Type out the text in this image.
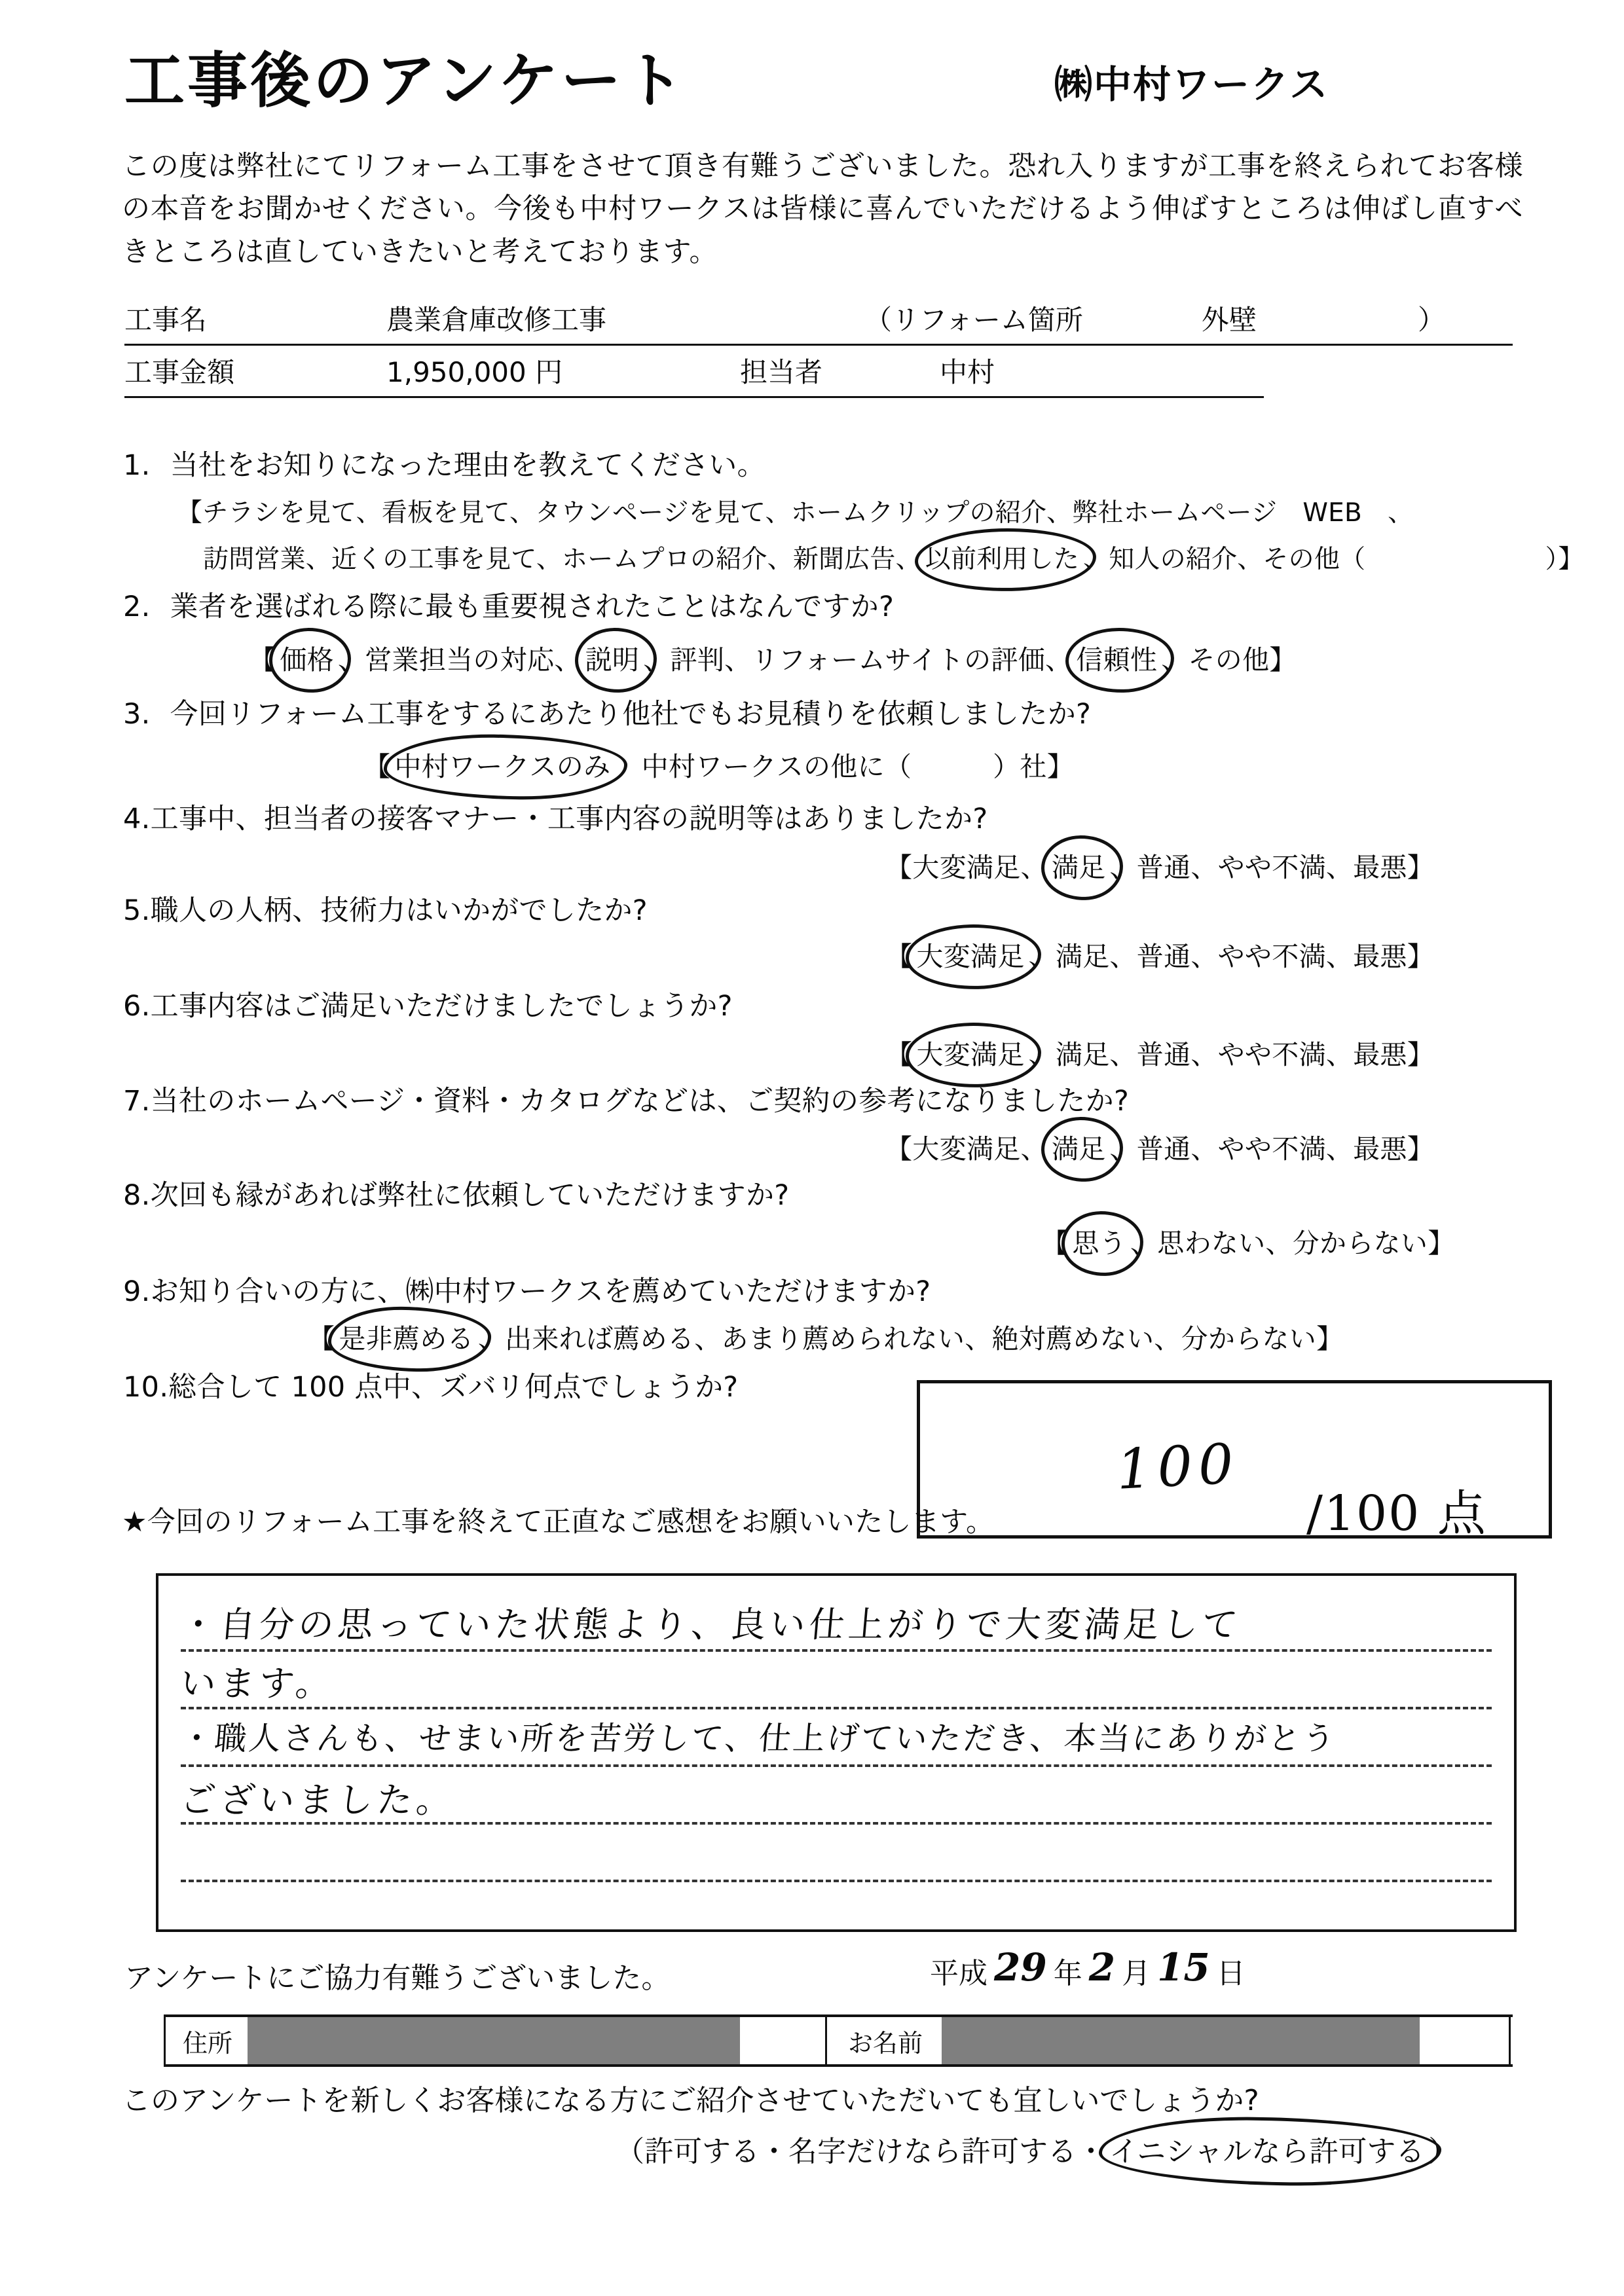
工事後のアンケート	㈱中村ワークス
この度は弊社にてリフォーム工事をさせて頂き有難うございました。恐れ入りますが工事を終えられてお客様の本音をお聞かせください。今後も中村ワークスは皆様に喜んでいただけるよう伸ばすところは伸ばし直すべきところは直していきたいと考えております。
工事名	農業倉庫改修工事	（リフォーム箇所	外壁	）
工事金額	1,950,000 円	担当者	中村
1. 当社をお知りになった理由を教えてください。
【チラシを見て、看板を見て、タウンページを見て、ホームクリップの紹介、弊社ホームページ　WEB　、
訪問営業、近くの工事を見て、ホームプロの紹介、新聞広告、 以前利用した 、知人の紹介、その他（　　　　　　　）】
2. 業者を選ばれる際に最も重要視されたことはなんですか?
【 価格 、営業担当の対応、 説明 、評判、リフォームサイトの評価、 信頼性 、その他】
3. 今回リフォーム工事をするにあたり他社でもお見積りを依頼しましたか?
【 中村ワークスのみ　中村ワークスの他に（　　　）社】
4.工事中、担当者の接客マナー・工事内容の説明等はありましたか?
【大変満足、 満足 、普通、やや不満、最悪】
5.職人の人柄、技術力はいかがでしたか?
【 大変満足 、満足、普通、やや不満、最悪】
6.工事内容はご満足いただけましたでしょうか?
【 大変満足 、満足、普通、やや不満、最悪】
7.当社のホームページ・資料・カタログなどは、ご契約の参考になりましたか?
【大変満足、 満足 、普通、やや不満、最悪】
8.次回も縁があれば弊社に依頼していただけますか?
【 思う 、思わない、分からない】
9.お知り合いの方に、㈱中村ワークスを薦めていただけますか?
【 是非薦める 、出来れば薦める、あまり薦められない、絶対薦めない、分からない】
10.総合して 100 点中、ズバリ何点でしょうか?
100
/100 点
★今回のリフォーム工事を終えて正直なご感想をお願いいたします。
・自分の思っていた状態より、良い仕上がりで大変満足して
います。
・職人さんも、せまい所を苦労して、仕上げていただき、本当にありがとう
ございました。
アンケートにご協力有難うございました。	平成 29 年 2 月 15 日
住所	お名前
このアンケートを新しくお客様になる方にご紹介させていただいても宜しいでしょうか?
（許可する・名字だけなら許可する・ イニシャルなら許可する ）
